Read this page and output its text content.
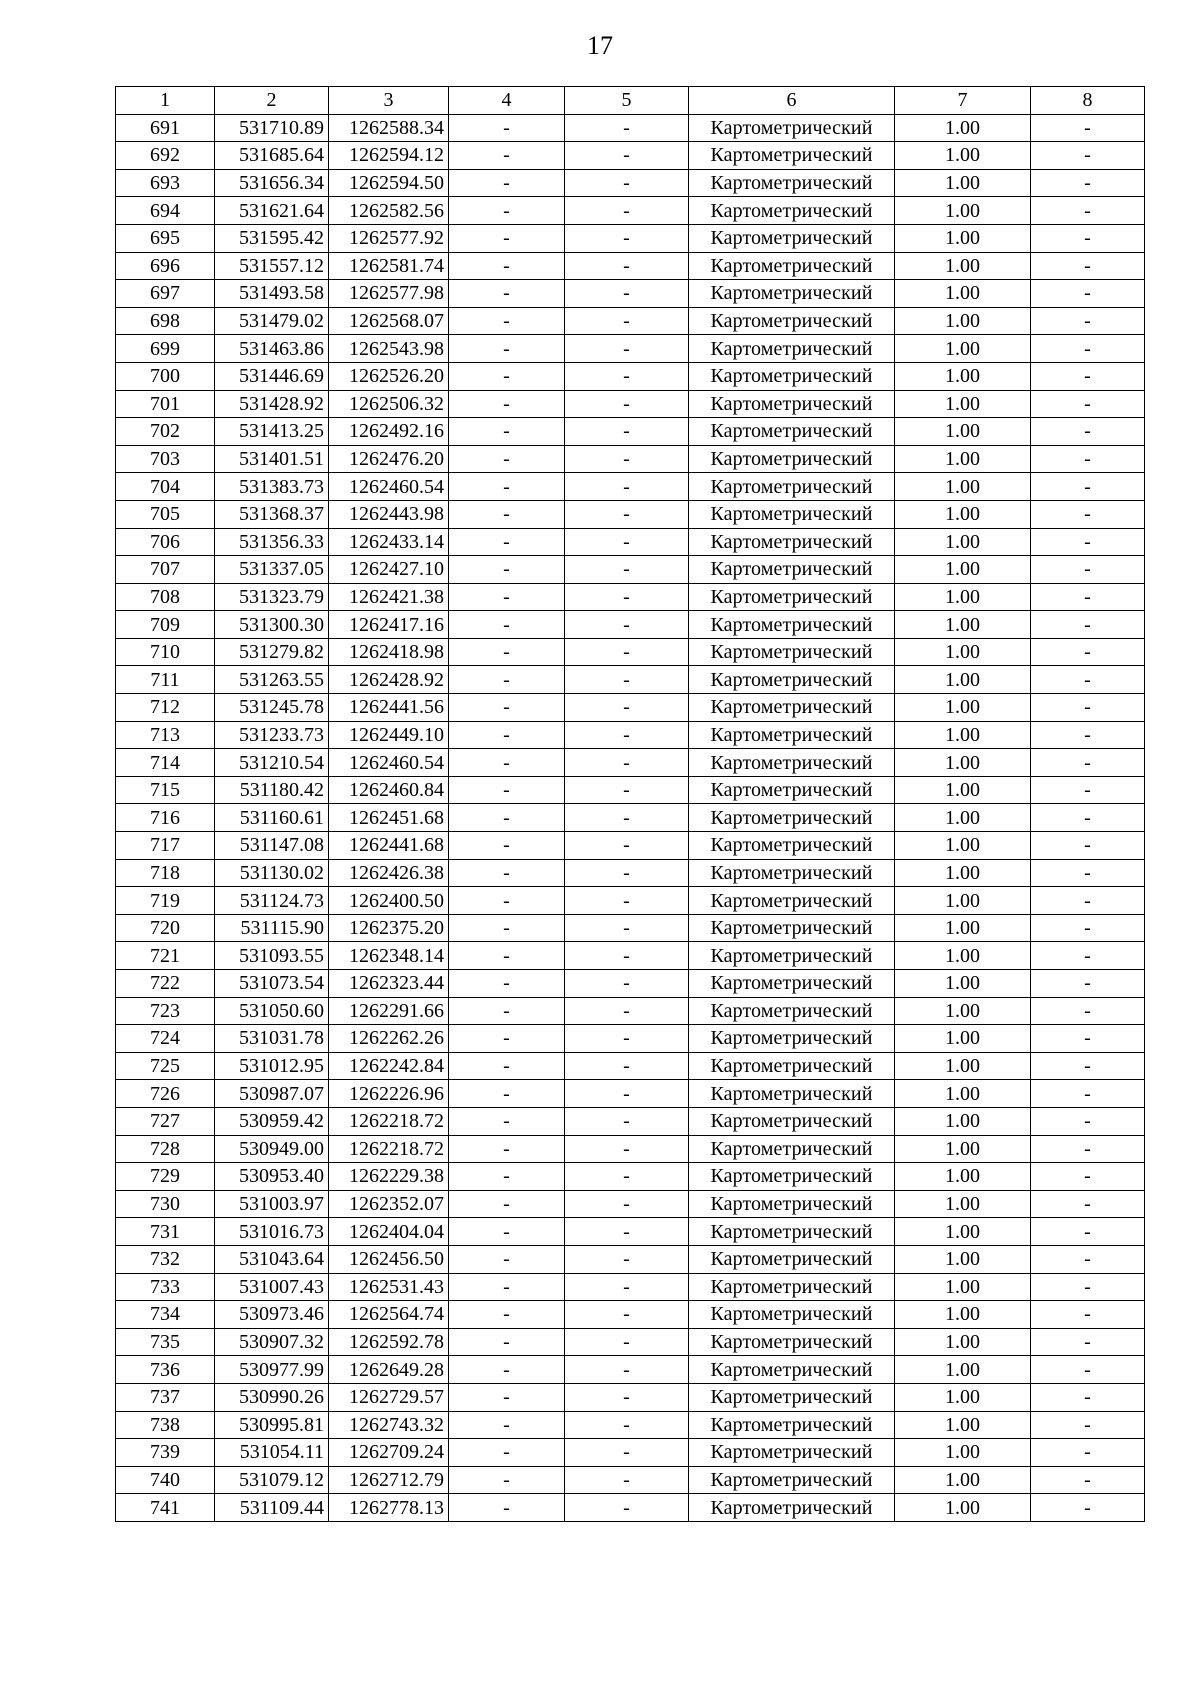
17
1	2	3	4	5	6	7	8
691	531710.89	1262588.34	-	-	Картометрический	1.00	-
692	531685.64	1262594.12	-	-	Картометрический	1.00	-
693	531656.34	1262594.50	-	-	Картометрический	1.00	-
694	531621.64	1262582.56	-	-	Картометрический	1.00	-
695	531595.42	1262577.92	-	-	Картометрический	1.00	-
696	531557.12	1262581.74	-	-	Картометрический	1.00	-
697	531493.58	1262577.98	-	-	Картометрический	1.00	-
698	531479.02	1262568.07	-	-	Картометрический	1.00	-
699	531463.86	1262543.98	-	-	Картометрический	1.00	-
700	531446.69	1262526.20	-	-	Картометрический	1.00	-
701	531428.92	1262506.32	-	-	Картометрический	1.00	-
702	531413.25	1262492.16	-	-	Картометрический	1.00	-
703	531401.51	1262476.20	-	-	Картометрический	1.00	-
704	531383.73	1262460.54	-	-	Картометрический	1.00	-
705	531368.37	1262443.98	-	-	Картометрический	1.00	-
706	531356.33	1262433.14	-	-	Картометрический	1.00	-
707	531337.05	1262427.10	-	-	Картометрический	1.00	-
708	531323.79	1262421.38	-	-	Картометрический	1.00	-
709	531300.30	1262417.16	-	-	Картометрический	1.00	-
710	531279.82	1262418.98	-	-	Картометрический	1.00	-
711	531263.55	1262428.92	-	-	Картометрический	1.00	-
712	531245.78	1262441.56	-	-	Картометрический	1.00	-
713	531233.73	1262449.10	-	-	Картометрический	1.00	-
714	531210.54	1262460.54	-	-	Картометрический	1.00	-
715	531180.42	1262460.84	-	-	Картометрический	1.00	-
716	531160.61	1262451.68	-	-	Картометрический	1.00	-
717	531147.08	1262441.68	-	-	Картометрический	1.00	-
718	531130.02	1262426.38	-	-	Картометрический	1.00	-
719	531124.73	1262400.50	-	-	Картометрический	1.00	-
720	531115.90	1262375.20	-	-	Картометрический	1.00	-
721	531093.55	1262348.14	-	-	Картометрический	1.00	-
722	531073.54	1262323.44	-	-	Картометрический	1.00	-
723	531050.60	1262291.66	-	-	Картометрический	1.00	-
724	531031.78	1262262.26	-	-	Картометрический	1.00	-
725	531012.95	1262242.84	-	-	Картометрический	1.00	-
726	530987.07	1262226.96	-	-	Картометрический	1.00	-
727	530959.42	1262218.72	-	-	Картометрический	1.00	-
728	530949.00	1262218.72	-	-	Картометрический	1.00	-
729	530953.40	1262229.38	-	-	Картометрический	1.00	-
730	531003.97	1262352.07	-	-	Картометрический	1.00	-
731	531016.73	1262404.04	-	-	Картометрический	1.00	-
732	531043.64	1262456.50	-	-	Картометрический	1.00	-
733	531007.43	1262531.43	-	-	Картометрический	1.00	-
734	530973.46	1262564.74	-	-	Картометрический	1.00	-
735	530907.32	1262592.78	-	-	Картометрический	1.00	-
736	530977.99	1262649.28	-	-	Картометрический	1.00	-
737	530990.26	1262729.57	-	-	Картометрический	1.00	-
738	530995.81	1262743.32	-	-	Картометрический	1.00	-
739	531054.11	1262709.24	-	-	Картометрический	1.00	-
740	531079.12	1262712.79	-	-	Картометрический	1.00	-
741	531109.44	1262778.13	-	-	Картометрический	1.00	-
